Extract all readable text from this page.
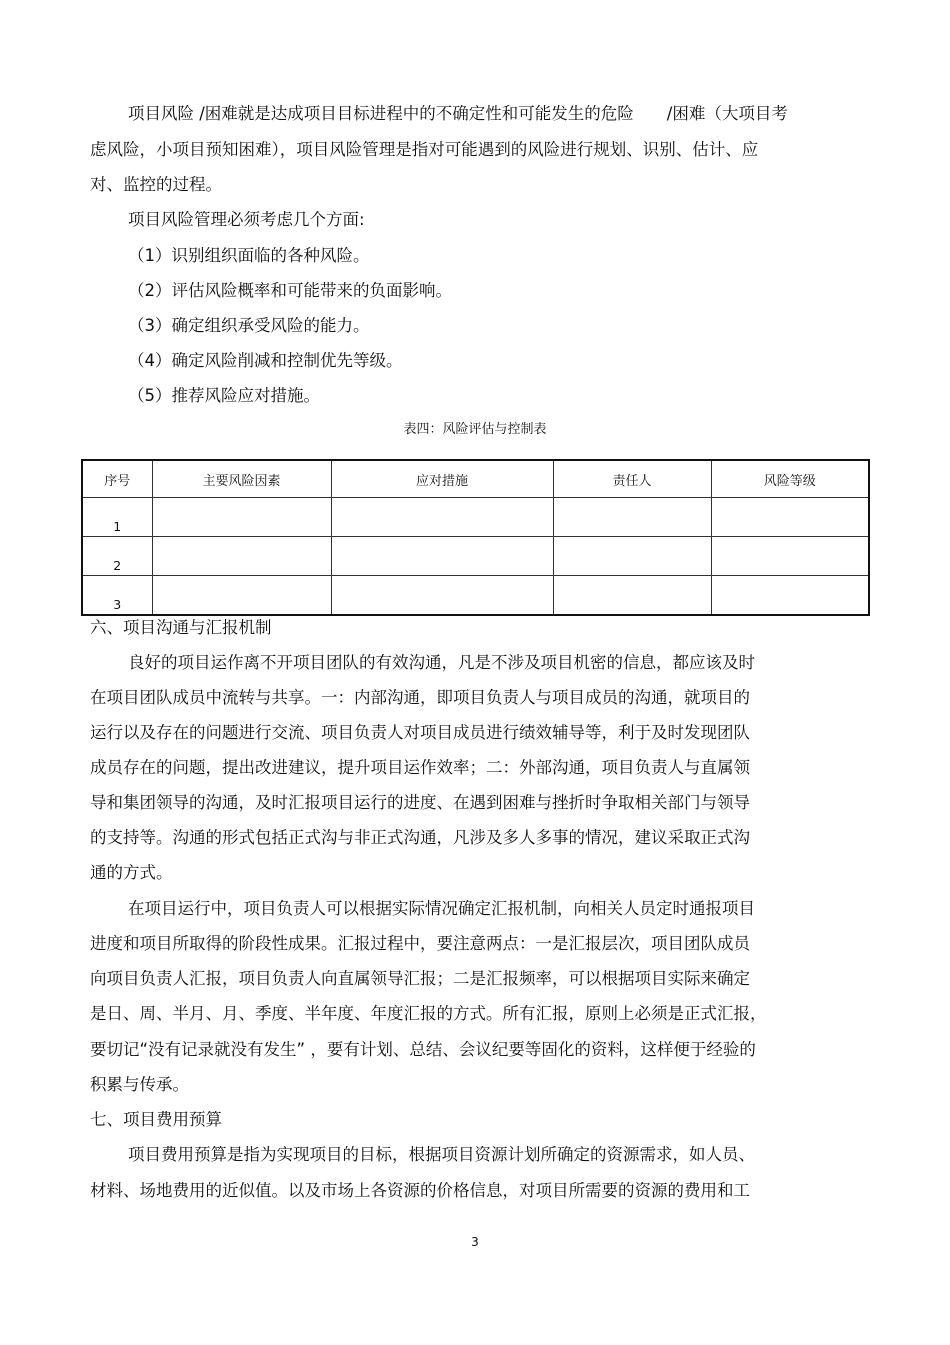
项目风险 /困难就是达成项目目标进程中的不确定性和可能发生的危险　　/困难（大项目考
虑风险，小项目预知困难），项目风险管理是指对可能遇到的风险进行规划、识别、估计、应
对、监控的过程。
项目风险管理必须考虑几个方面:
（1）识别组织面临的各种风险。
（2）评估风险概率和可能带来的负面影响。
（3）确定组织承受风险的能力。
（4）确定风险削减和控制优先等级。
（5）推荐风险应对措施。
表四：风险评估与控制表
序号	主要风险因素	应对措施	责任人	风险等级
1				
2				
3				
六、项目沟通与汇报机制
良好的项目运作离不开项目团队的有效沟通，凡是不涉及项目机密的信息，都应该及时
在项目团队成员中流转与共享。一：内部沟通，即项目负责人与项目成员的沟通，就项目的
运行以及存在的问题进行交流、项目负责人对项目成员进行绩效辅导等，利于及时发现团队
成员存在的问题，提出改进建议，提升项目运作效率；二：外部沟通，项目负责人与直属领
导和集团领导的沟通，及时汇报项目运行的进度、在遇到困难与挫折时争取相关部门与领导
的支持等。沟通的形式包括正式沟与非正式沟通，凡涉及多人多事的情况，建议采取正式沟
通的方式。
在项目运行中，项目负责人可以根据实际情况确定汇报机制，向相关人员定时通报项目
进度和项目所取得的阶段性成果。汇报过程中，要注意两点：一是汇报层次，项目团队成员
向项目负责人汇报，项目负责人向直属领导汇报；二是汇报频率，可以根据项目实际来确定
是日、周、半月、月、季度、半年度、年度汇报的方式。所有汇报，原则上必须是正式汇报，
要切记“没有记录就没有发生” ，要有计划、总结、会议纪要等固化的资料，这样便于经验的
积累与传承。
七、项目费用预算
项目费用预算是指为实现项目的目标，根据项目资源计划所确定的资源需求，如人员、
材料、场地费用的近似值。以及市场上各资源的价格信息，对项目所需要的资源的费用和工
3
